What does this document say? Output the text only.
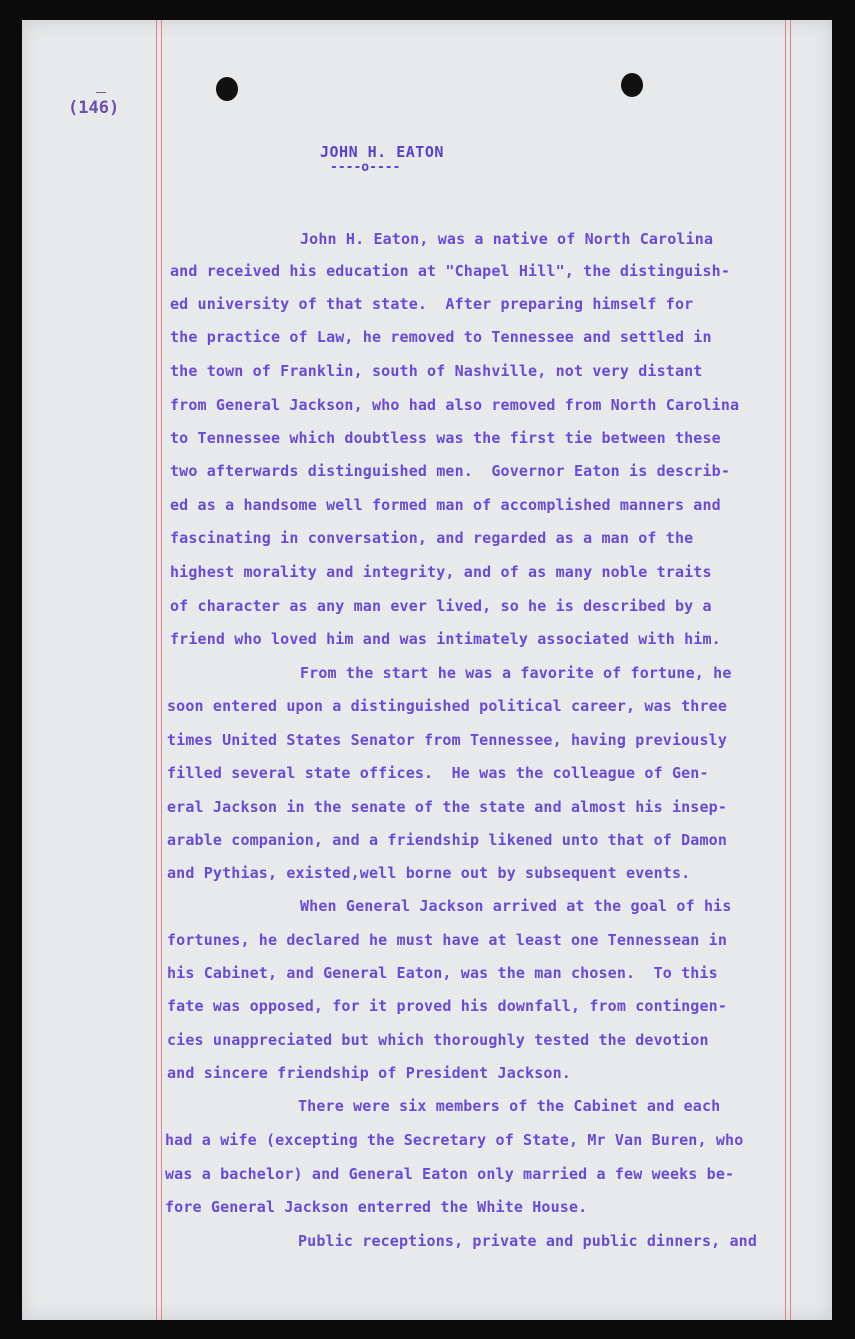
(146)
JOHN H. EATON
----o----
John H. Eaton, was a native of North Carolina
and received his education at "Chapel Hill", the distinguish-
ed university of that state.  After preparing himself for
the practice of Law, he removed to Tennessee and settled in
the town of Franklin, south of Nashville, not very distant
from General Jackson, who had also removed from North Carolina
to Tennessee which doubtless was the first tie between these
two afterwards distinguished men.  Governor Eaton is describ-
ed as a handsome well formed man of accomplished manners and
fascinating in conversation, and regarded as a man of the
highest morality and integrity, and of as many noble traits
of character as any man ever lived, so he is described by a
friend who loved him and was intimately associated with him.
From the start he was a favorite of fortune, he
soon entered upon a distinguished political career, was three
times United States Senator from Tennessee, having previously
filled several state offices.  He was the colleague of Gen-
eral Jackson in the senate of the state and almost his insep-
arable companion, and a friendship likened unto that of Damon
and Pythias, existed,well borne out by subsequent events.
When General Jackson arrived at the goal of his
fortunes, he declared he must have at least one Tennessean in
his Cabinet, and General Eaton, was the man chosen.  To this
fate was opposed, for it proved his downfall, from contingen-
cies unappreciated but which thoroughly tested the devotion
and sincere friendship of President Jackson.
There were six members of the Cabinet and each
had a wife (excepting the Secretary of State, Mr Van Buren, who
was a bachelor) and General Eaton only married a few weeks be-
fore General Jackson enterred the White House.
Public receptions, private and public dinners, and
